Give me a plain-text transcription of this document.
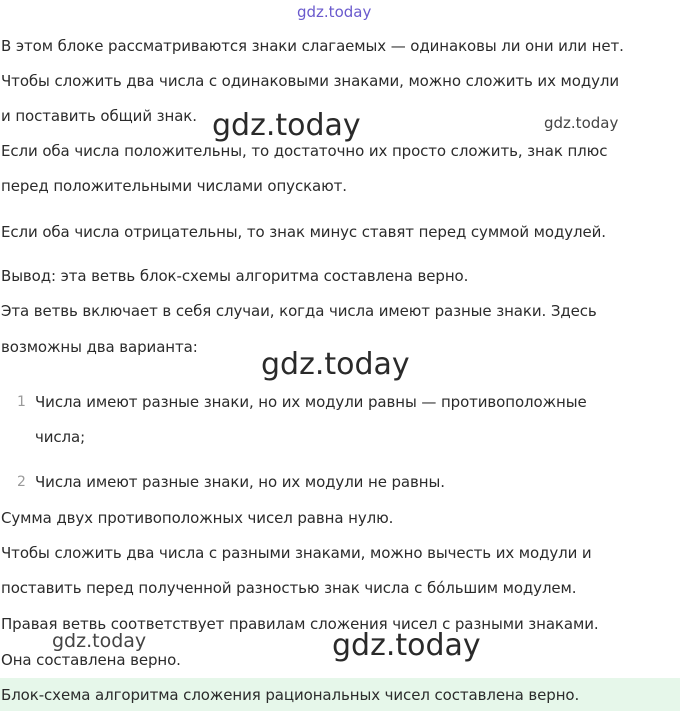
gdz.today
В этом блоке рассматриваются знаки слагаемых — одинаковы ли они или нет.
Чтобы сложить два числа с одинаковыми знаками, можно сложить их модули
и поставить общий знак.
Если оба числа положительны, то достаточно их просто сложить, знак плюс
перед положительными числами опускают.
Если оба числа отрицательны, то знак минус ставят перед суммой модулей.
Вывод: эта ветвь блок-схемы алгоритма составлена верно.
Эта ветвь включает в себя случаи, когда числа имеют разные знаки. Здесь
возможны два варианта:
1 Числа имеют разные знаки, но их модули равны — противоположные
числа;
2 Числа имеют разные знаки, но их модули не равны.
Сумма двух противоположных чисел равна нулю.
Чтобы сложить два числа с разными знаками, можно вычесть их модули и
поставить перед полученной разностью знак числа с бóльшим модулем.
Правая ветвь соответствует правилам сложения чисел с разными знаками.
Она составлена верно.
Блок-схема алгоритма сложения рациональных чисел составлена верно.
gdz.today	gdz.today
gdz.today
gdz.today	gdz.today
